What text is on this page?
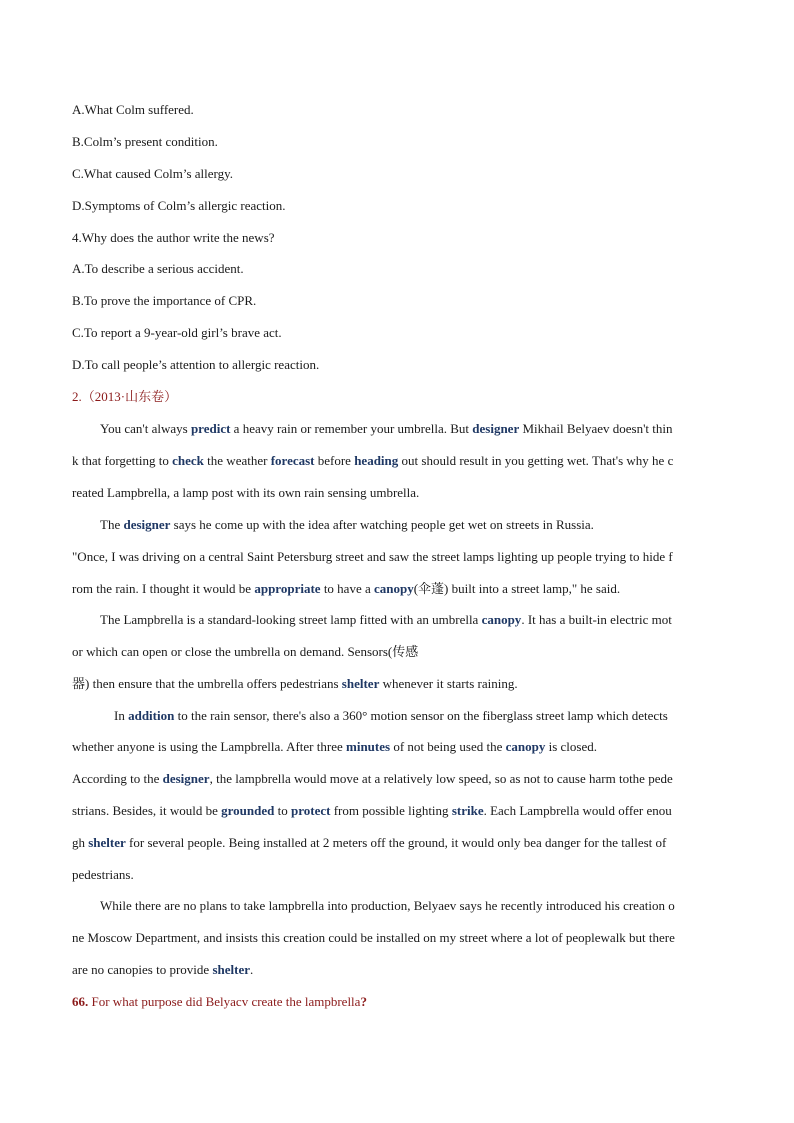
A.What Colm suffered.
B.Colm’s present condition.
C.What caused Colm’s allergy.
D.Symptoms of Colm’s allergic reaction.
4.Why does the author write the news?
A.To describe a serious accident.
B.To prove the importance of CPR.
C.To report a 9-year-old girl’s brave act.
D.To call people’s attention to allergic reaction.
2.（2013·山东卷）
You can't always predict a heavy rain or remember your umbrella. But designer Mikhail Belyaev doesn't thin
k that forgetting to check the weather forecast before heading out should result in you getting wet. That's why he c
reated Lampbrella, a lamp post with its own rain sensing umbrella.
The designer says he come up with the idea after watching people get wet on streets in Russia.
"Once, I was driving on a central Saint Petersburg street and saw the street lamps lighting up people trying to hide f
rom the rain. I thought it would be appropriate to have a canopy(伞蓬) built into a street lamp," he said.
The Lampbrella is a standard-looking street lamp fitted with an umbrella canopy. It has a built-in electric mot
or which can open or close the umbrella on demand. Sensors(传感
器) then ensure that the umbrella offers pedestrians shelter whenever it starts raining.
In addition to the rain sensor, there's also a 360° motion sensor on the fiberglass street lamp which detects
whether anyone is using the Lampbrella. After three minutes of not being used the canopy is closed.
According to the designer, the lampbrella would move at a relatively low speed, so as not to cause harm tothe pede
strians. Besides, it would be grounded to protect from possible lighting strike. Each Lampbrella would offer enou
gh shelter for several people. Being installed at 2 meters off the ground, it would only bea danger for the tallest of
pedestrians.
While there are no plans to take lampbrella into production, Belyaev says he recently introduced his creation o
ne Moscow Department, and insists this creation could be installed on my street where a lot of peoplewalk but there
are no canopies to provide shelter.
66. For what purpose did Belyacv create the lampbrella?
